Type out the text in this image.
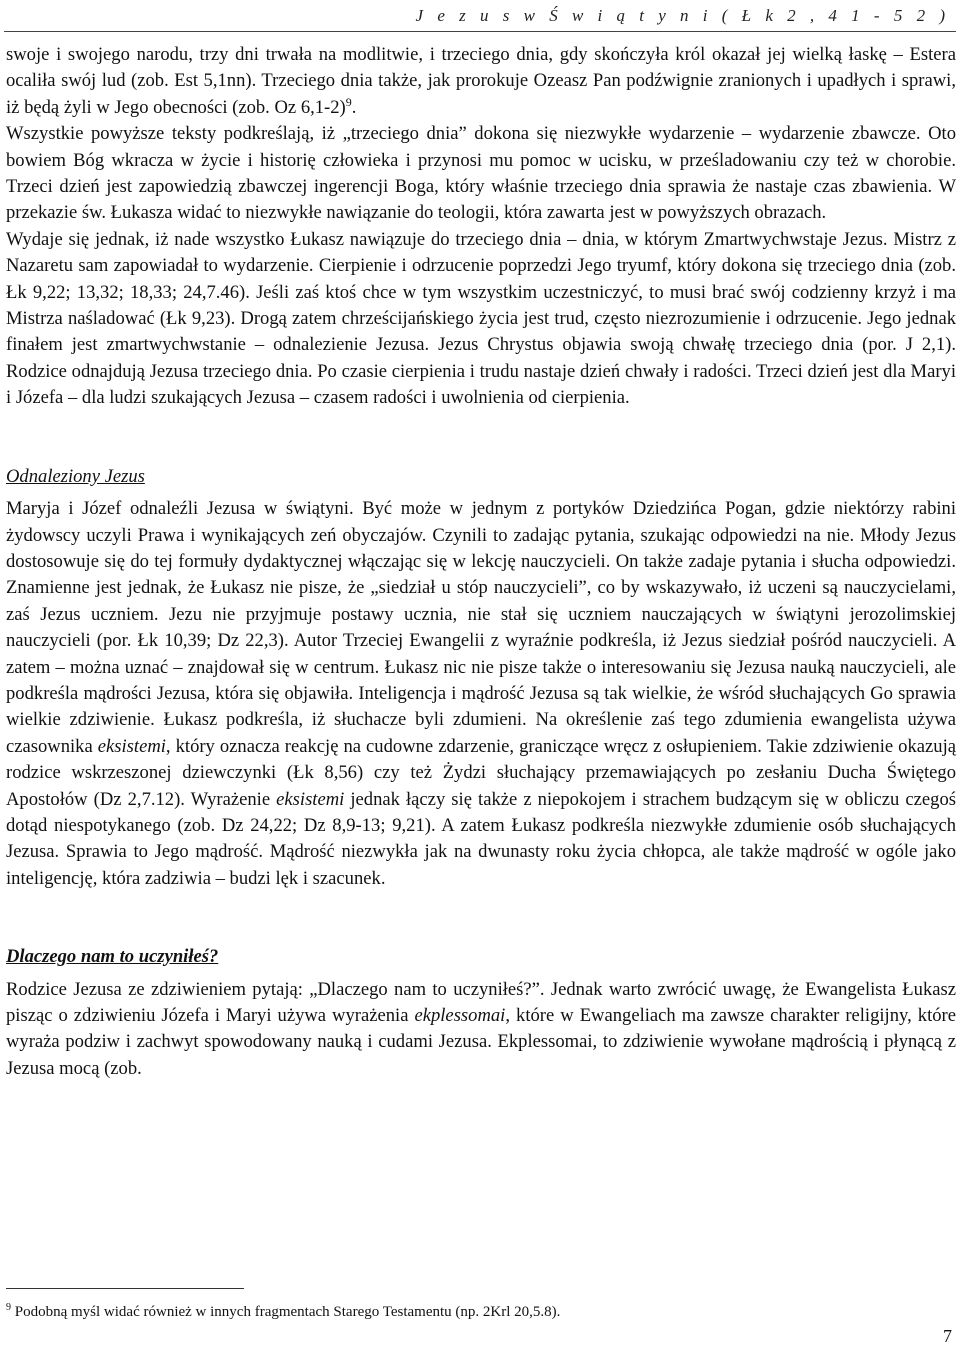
J e z u s w Ś w i ą t y n i ( Ł k 2 , 4 1 - 5 2 )

swoje i swojego narodu, trzy dni trwała na modlitwie, i trzeciego dnia, gdy skończyła król okazał jej wielką łaskę – Estera ocaliła swój lud (zob. Est 5,1nn). Trzeciego dnia także, jak prorokuje Ozeasz Pan podźwignie zranionych i upadłych i sprawi, iż będą żyli w Jego obecności (zob. Oz 6,1-2)$^9$.

Wszystkie powyższe teksty podkreślają, iż „trzeciego dnia” dokona się niezwykłe wydarzenie – wydarzenie zbawcze. Oto bowiem Bóg wkracza w życie i historię człowieka i przynosi mu pomoc w ucisku, w prześladowaniu czy też w chorobie. Trzeci dzień jest zapowiedzią zbawczej ingerencji Boga, który właśnie trzeciego dnia sprawia że nastaje czas zbawienia. W przekazie św. Łukasza widać to niezwykłe nawiązanie do teologii, która zawarta jest w powyższych obrazach.

Wydaje się jednak, iż nade wszystko Łukasz nawiązuje do trzeciego dnia – dnia, w którym Zmartwychwstaje Jezus. Mistrz z Nazaretu sam zapowiadał to wydarzenie. Cierpienie i odrzucenie poprzedzi Jego tryumf, który dokona się trzeciego dnia (zob. Łk 9,22; 13,32; 18,33; 24,7.46). Jeśli zaś ktoś chce w tym wszystkim uczestniczyć, to musi brać swój codzienny krzyż i ma Mistrza naśladować (Łk 9,23). Drogą zatem chrześcijańskiego życia jest trud, często niezrozumienie i odrzucenie. Jego jednak finałem jest zmartwychwstanie – odnalezienie Jezusa. Jezus Chrystus objawia swoją chwałę trzeciego dnia (por. J 2,1). Rodzice odnajdują Jezusa trzeciego dnia. Po czasie cierpienia i trudu nastaje dzień chwały i radości. Trzeci dzień jest dla Maryi i Józefa – dla ludzi szukających Jezusa – czasem radości i uwolnienia od cierpienia.

Odnaleziony Jezus

Maryja i Józef odnaleźli Jezusa w świątyni. Być może w jednym z portyków Dziedzińca Pogan, gdzie niektórzy rabini żydowscy uczyli Prawa i wynikających zeń obyczajów. Czynili to zadając pytania, szukając odpowiedzi na nie. Młody Jezus dostosowuje się do tej formuły dydaktycznej włączając się w lekcję nauczycieli. On także zadaje pytania i słucha odpowiedzi. Znamienne jest jednak, że Łukasz nie pisze, że „siedział u stóp nauczycieli”, co by wskazywało, iż uczeni są nauczycielami, zaś Jezus uczniem. Jezu nie przyjmuje postawy ucznia, nie stał się uczniem nauczających w świątyni jerozolimskiej nauczycieli (por. Łk 10,39; Dz 22,3). Autor Trzeciej Ewangelii z wyraźnie podkreśla, iż Jezus siedział pośród nauczycieli. A zatem – można uznać – znajdował się w centrum. Łukasz nic nie pisze także o interesowaniu się Jezusa nauką nauczycieli, ale podkreśla mądrości Jezusa, która się objawiła. Inteligencja i mądrość Jezusa są tak wielkie, że wśród słuchających Go sprawia wielkie zdziwienie. Łukasz podkreśla, iż słuchacze byli zdumieni. Na określenie zaś tego zdumienia ewangelista używa czasownika eksistemi, który oznacza reakcję na cudowne zdarzenie, graniczące wręcz z osłupieniem. Takie zdziwienie okazują rodzice wskrzeszonej dziewczynki (Łk 8,56) czy też Żydzi słuchający przemawiających po zesłaniu Ducha Świętego Apostołów (Dz 2,7.12). Wyrażenie eksistemi jednak łączy się także z niepokojem i strachem budzącym się w obliczu czegoś dotąd niespotykanego (zob. Dz 24,22; Dz 8,9-13; 9,21). A zatem Łukasz podkreśla niezwykłe zdumienie osób słuchających Jezusa. Sprawia to Jego mądrość. Mądrość niezwykła jak na dwunasty roku życia chłopca, ale także mądrość w ogóle jako inteligencję, która zadziwia – budzi lęk i szacunek.

Dlaczego nam to uczyniłeś?

Rodzice Jezusa ze zdziwieniem pytają: „Dlaczego nam to uczyniłeś?”. Jednak warto zwrócić uwagę, że Ewangelista Łukasz pisząc o zdziwieniu Józefa i Maryi używa wyrażenia ekplessomai, które w Ewangeliach ma zawsze charakter religijny, które wyraża podziw i zachwyt spowodowany nauką i cudami Jezusa. Ekplessomai, to zdziwienie wywołane mądrością i płynącą z Jezusa mocą (zob.

$^9$ Podobną myśl widać również w innych fragmentach Starego Testamentu (np. 2Krl 20,5.8).
7
